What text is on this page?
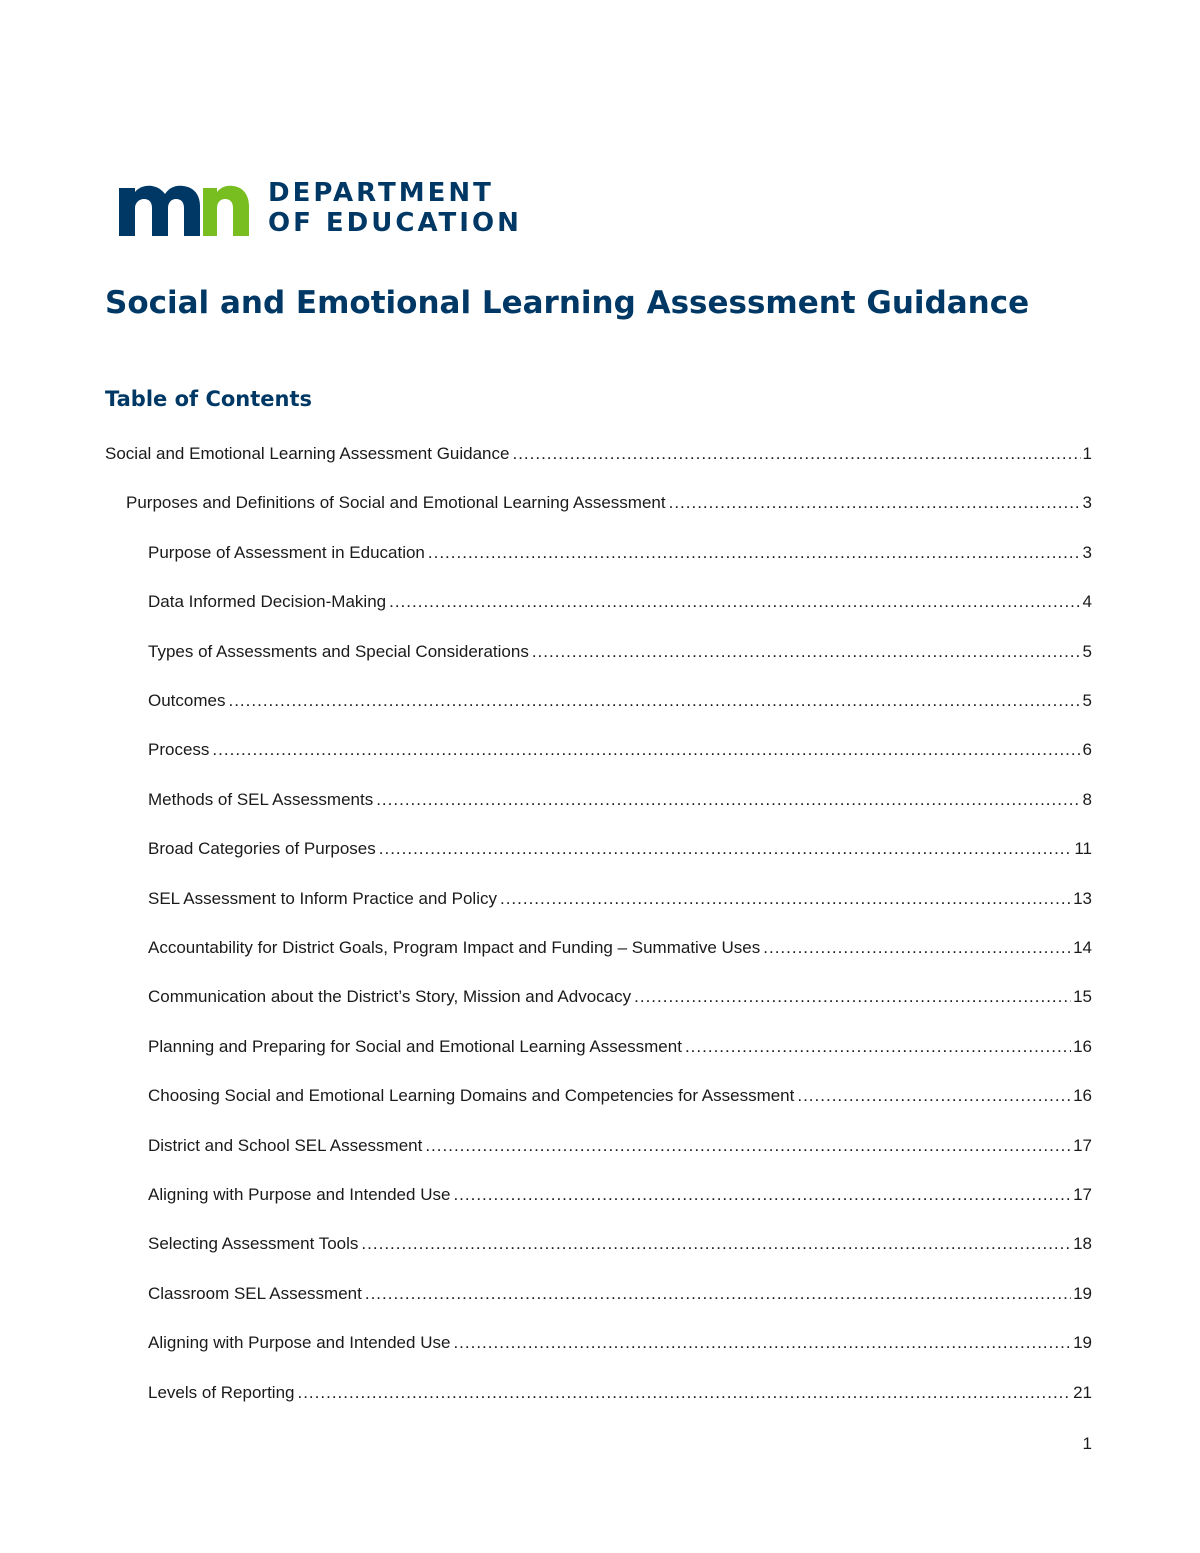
DEPARTMENT
OF EDUCATION
Social and Emotional Learning Assessment Guidance
Table of Contents
Social and Emotional Learning Assessment Guidance .....	1
Purposes and Definitions of Social and Emotional Learning Assessment .....	3
Purpose of Assessment in Education .....	3
Data Informed Decision-Making .....	4
Types of Assessments and Special Considerations .....	5
Outcomes .....	5
Process .....	6
Methods of SEL Assessments .....	8
Broad Categories of Purposes .....	11
SEL Assessment to Inform Practice and Policy .....	13
Accountability for District Goals, Program Impact and Funding – Summative Uses .....	14
Communication about the District’s Story, Mission and Advocacy .....	15
Planning and Preparing for Social and Emotional Learning Assessment .....	16
Choosing Social and Emotional Learning Domains and Competencies for Assessment .....	16
District and School SEL Assessment .....	17
Aligning with Purpose and Intended Use .....	17
Selecting Assessment Tools .....	18
Classroom SEL Assessment .....	19
Aligning with Purpose and Intended Use .....	19
Levels of Reporting .....	21
1
